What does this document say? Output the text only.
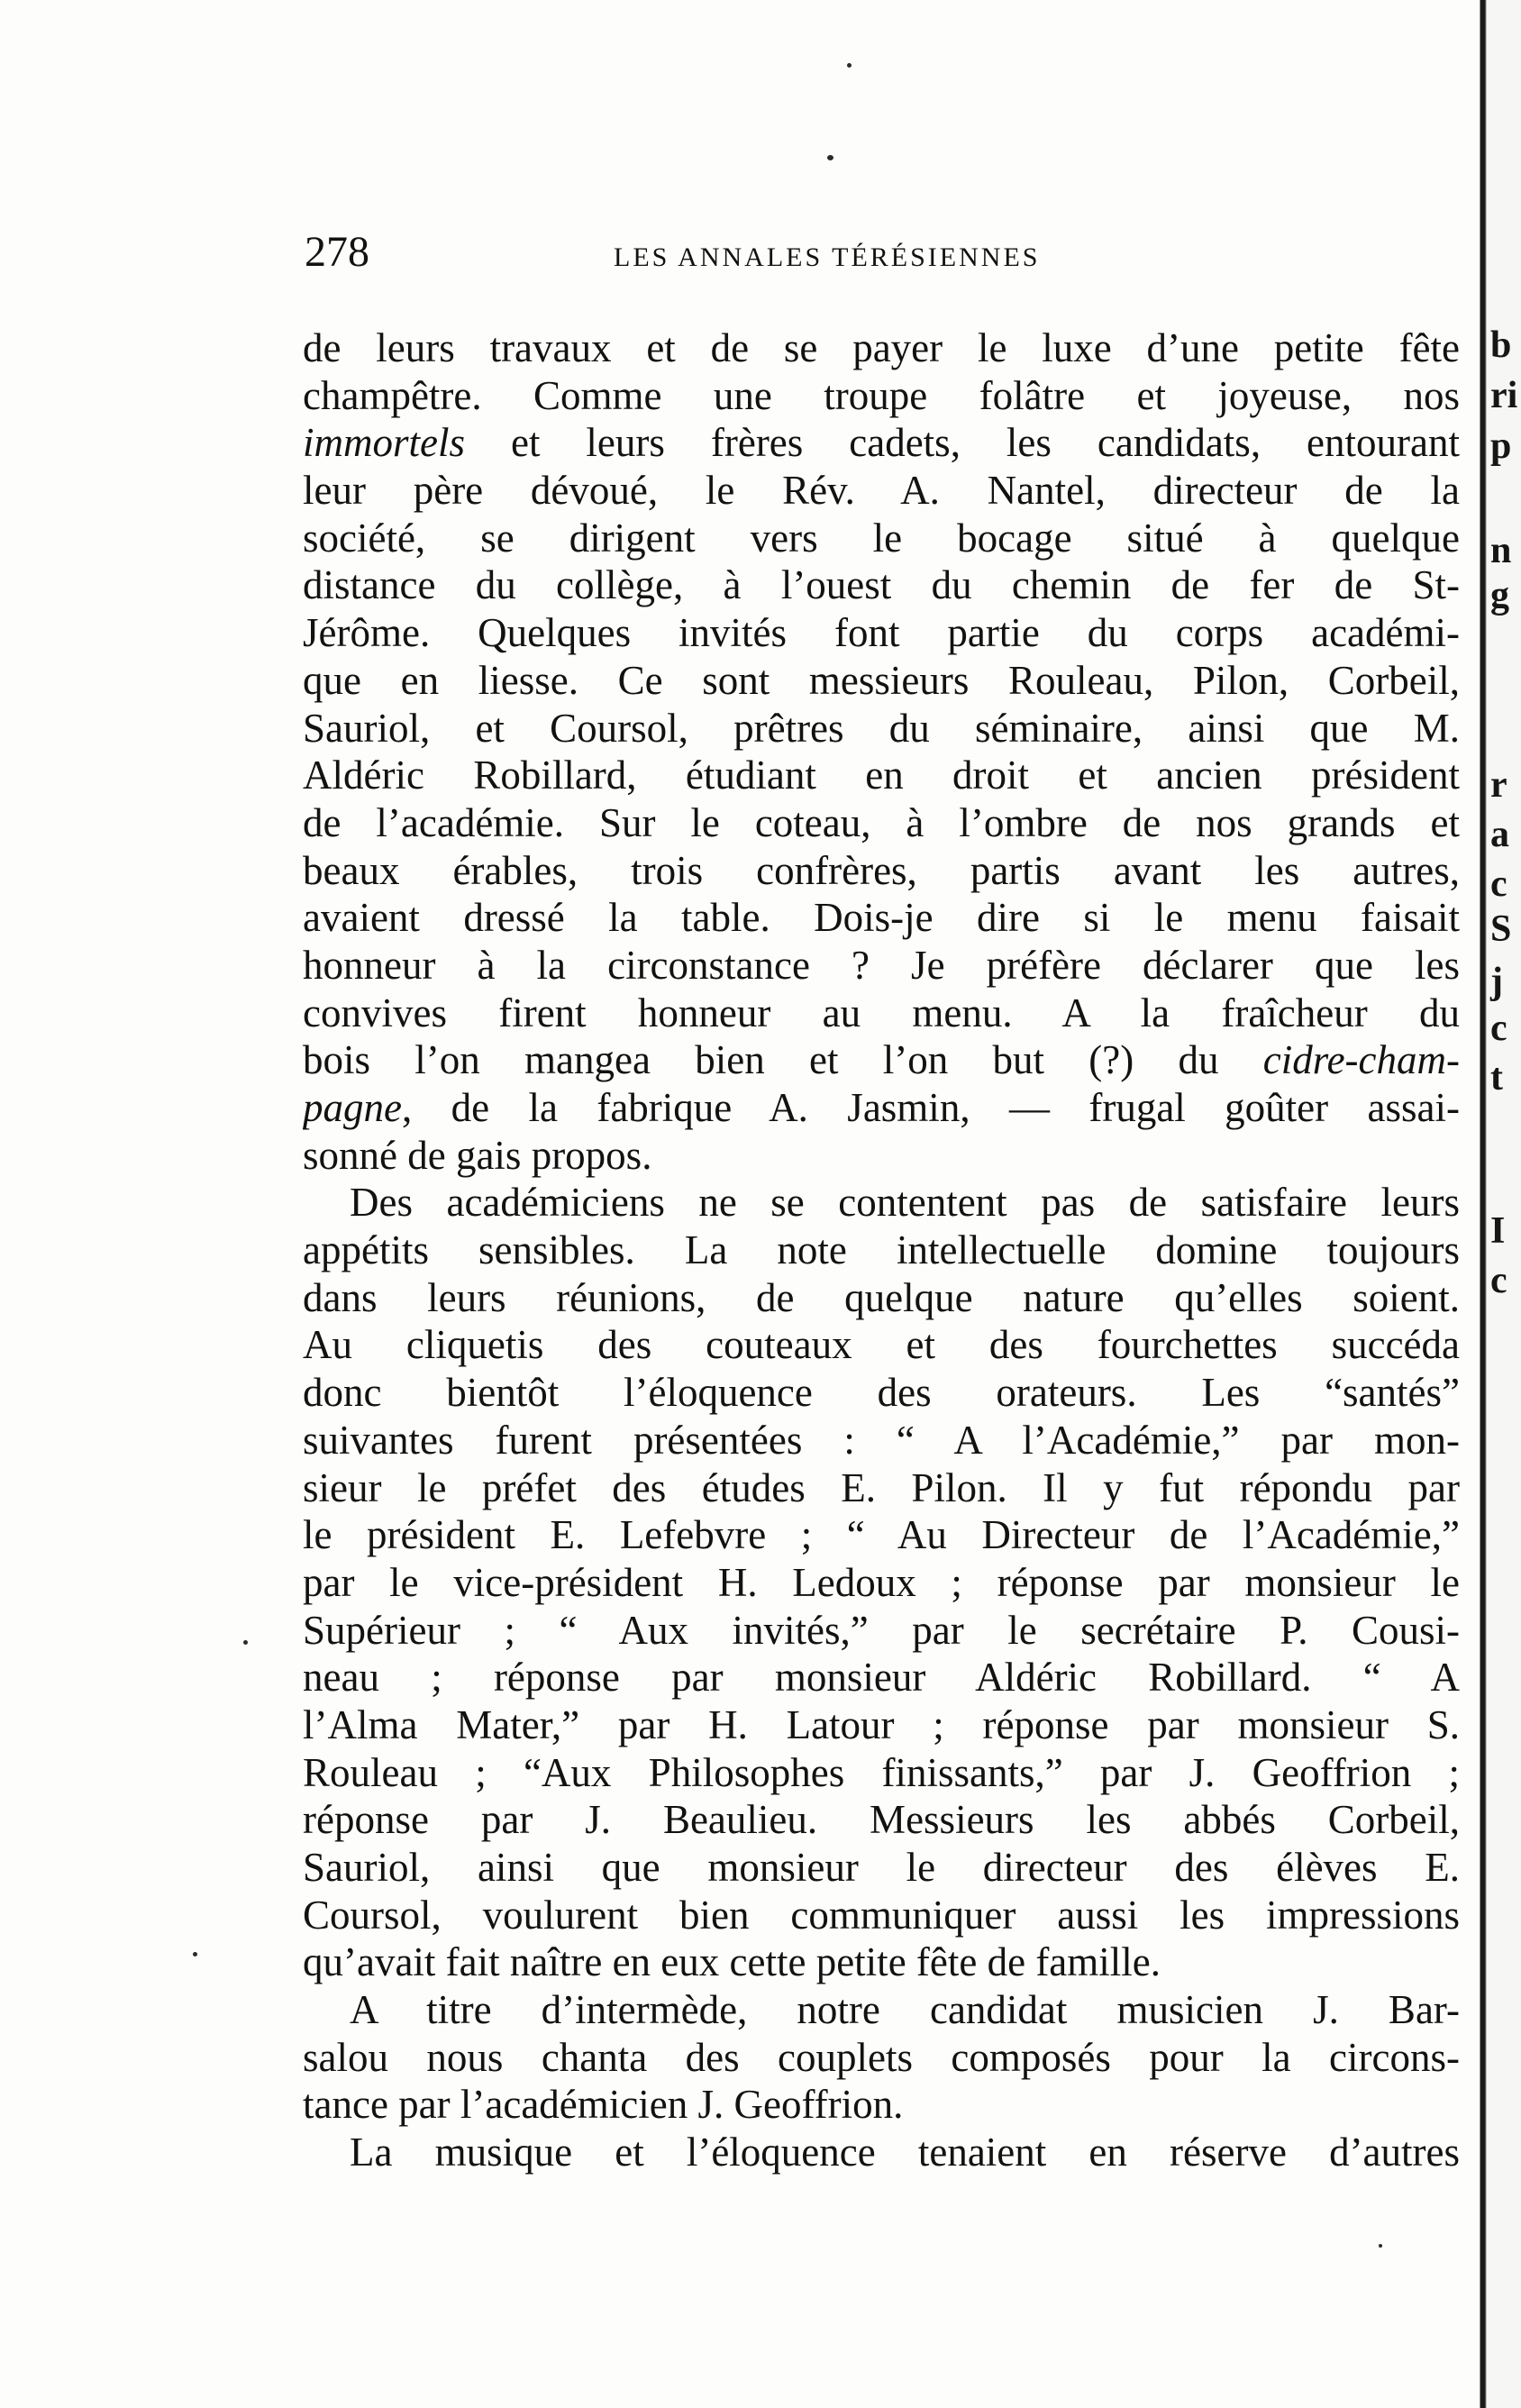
278	LES ANNALES TÉRÉSIENNES
de leurs travaux et de se payer le luxe d’une petite fête
champêtre. Comme une troupe folâtre et joyeuse, nos
immortels et leurs frères cadets, les candidats, entourant
leur père dévoué, le Rév. A. Nantel, directeur de la
société, se dirigent vers le bocage situé à quelque
distance du collège, à l’ouest du chemin de fer de St-
Jérôme. Quelques invités font partie du corps académi-
que en liesse. Ce sont messieurs Rouleau, Pilon, Corbeil,
Sauriol, et Coursol, prêtres du séminaire, ainsi que M.
Aldéric Robillard, étudiant en droit et ancien président
de l’académie. Sur le coteau, à l’ombre de nos grands et
beaux érables, trois confrères, partis avant les autres,
avaient dressé la table. Dois-je dire si le menu faisait
honneur à la circonstance ? Je préfère déclarer que les
convives firent honneur au menu. A la fraîcheur du
bois l’on mangea bien et l’on but (?) du cidre-cham-
pagne, de la fabrique A. Jasmin, — frugal goûter assai-
sonné de gais propos.
Des académiciens ne se contentent pas de satisfaire leurs
appétits sensibles. La note intellectuelle domine toujours
dans leurs réunions, de quelque nature qu’elles soient.
Au cliquetis des couteaux et des fourchettes succéda
donc bientôt l’éloquence des orateurs. Les “santés”
suivantes furent présentées : “ A l’Académie,” par mon-
sieur le préfet des études E. Pilon. Il y fut répondu par
le président E. Lefebvre ; “ Au Directeur de l’Académie,”
par le vice-président H. Ledoux ; réponse par monsieur le
Supérieur ; “ Aux invités,” par le secrétaire P. Cousi-
neau ; réponse par monsieur Aldéric Robillard. “ A
l’Alma Mater,” par H. Latour ; réponse par monsieur S.
Rouleau ; “Aux Philosophes finissants,” par J. Geoffrion ;
réponse par J. Beaulieu. Messieurs les abbés Corbeil,
Sauriol, ainsi que monsieur le directeur des élèves E.
Coursol, voulurent bien communiquer aussi les impressions
qu’avait fait naître en eux cette petite fête de famille.
A titre d’intermède, notre candidat musicien J. Bar-
salou nous chanta des couplets composés pour la circons-
tance par l’académicien J. Geoffrion.
La musique et l’éloquence tenaient en réserve d’autres
b
ri
p
n
g
r
a
c
S
j
c
t
I
c
